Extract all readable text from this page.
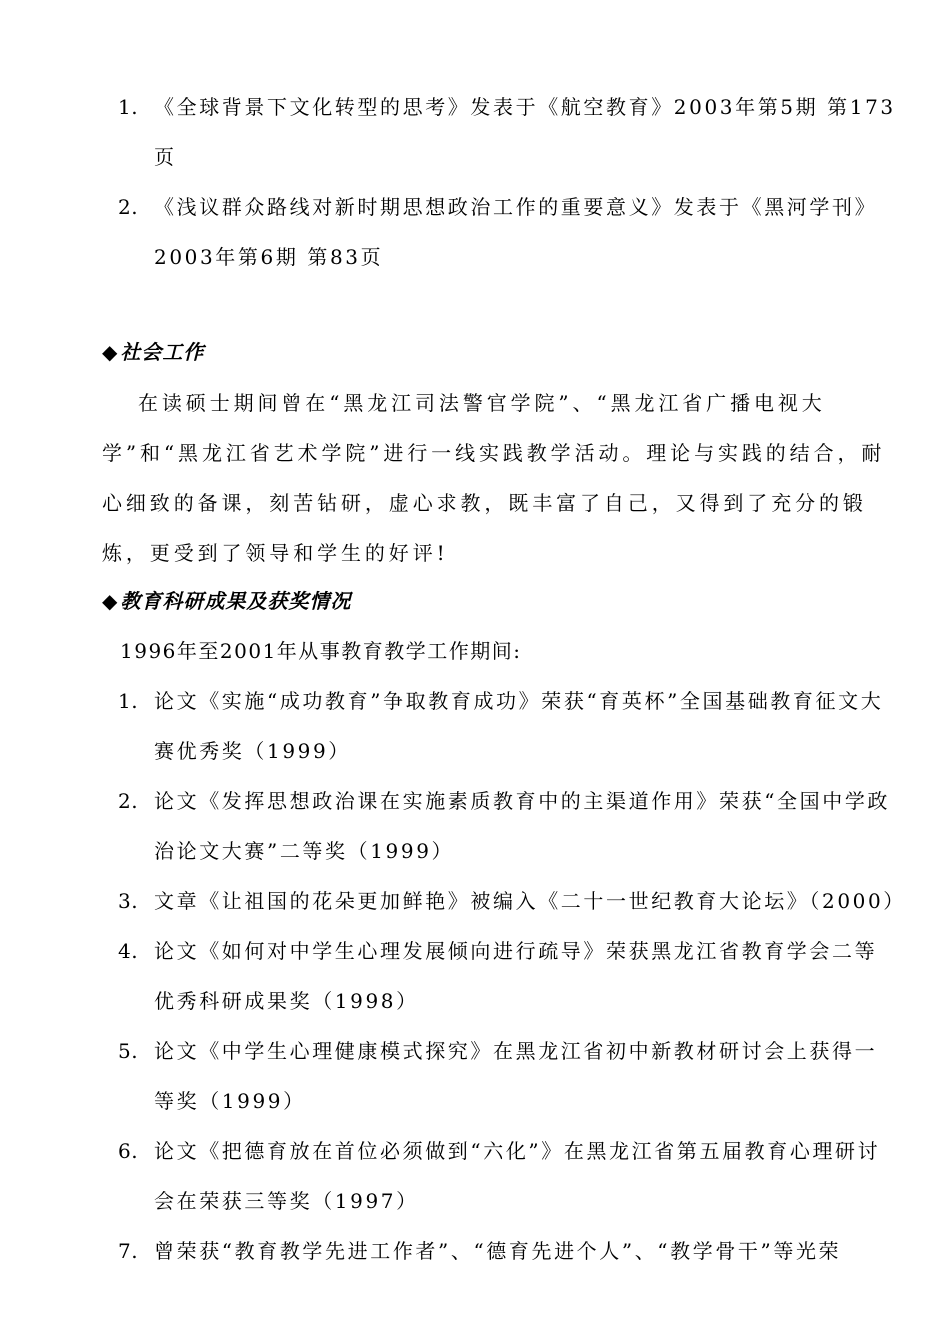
1. 《全球背景下文化转型的思考》发表于《航空教育》2003年第5期 第173页
2. 《浅议群众路线对新时期思想政治工作的重要意义》发表于《黑河学刊》2003年第6期 第83页
◆ 社会工作
在读硕士期间曾在“黑龙江司法警官学院”、“黑龙江省广播电视大学”和“黑龙江省艺术学院”进行一线实践教学活动。理论与实践的结合，耐心细致的备课，刻苦钻研，虚心求教，既丰富了自己，又得到了充分的锻炼，更受到了领导和学生的好评!
◆ 教育科研成果及获奖情况
1996年至2001年从事教育教学工作期间:
1. 论文《实施“成功教育”争取教育成功》荣获“育英杯”全国基础教育征文大赛优秀奖（1999）
2. 论文《发挥思想政治课在实施素质教育中的主渠道作用》荣获“全国中学政治论文大赛”二等奖（1999）
3. 文章《让祖国的花朵更加鲜艳》被编入《二十一世纪教育大论坛》（2000）
4. 论文《如何对中学生心理发展倾向进行疏导》荣获黑龙江省教育学会二等优秀科研成果奖（1998）
5. 论文《中学生心理健康模式探究》在黑龙江省初中新教材研讨会上获得一等奖（1999）
6. 论文《把德育放在首位必须做到“六化”》在黑龙江省第五届教育心理研讨会在荣获三等奖（1997）
7. 曾荣获“教育教学先进工作者”、“德育先进个人”、“教学骨干”等光荣
